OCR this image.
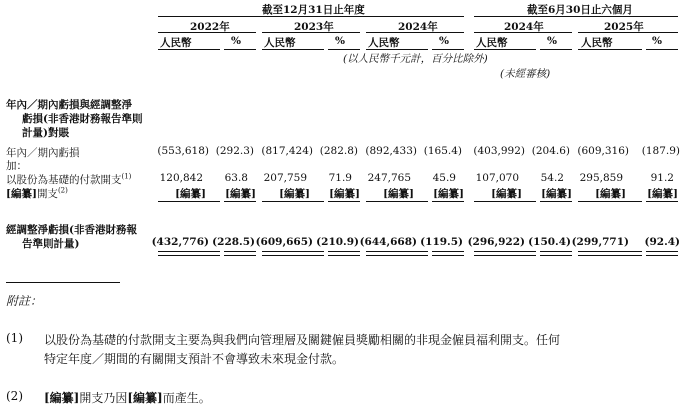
截至12月31日止年度	截至6月30日止六個月
2022年	2023年	2024年	2024年	2025年
人民幣	% 人民幣	% 人民幣	%	人民幣	% 人民幣	%
(以人民幣千元計，百分比除外)
(未經審核)
年內／期內虧損與經調整淨
虧損(非香港財務報告準則
計量)對賬
年內／期內虧損	(553,618) (292.3) (817,424) (282.8) (892,433) (165.4) (403,992) (204.6) (609,316) (187.9)
加：
以股份為基礎的付款開支$^{(1)}$	120,842 63.8 207,759 71.9 247,765 45.9 107,070 54.2 295,859	91.2
[編纂]開支$^{(2)}$	[編纂] [編纂] [編纂] [編纂] [編纂] [編纂]	[編纂] [編纂] [編纂] [編纂]
經調整淨虧損(非香港財務報
告準則計量)	(432,776) (228.5) (609,665) (210.9) (644,668) (119.5) (296,922) (150.4) (299,771) (92.4)
附註：
(1) 以股份為基礎的付款開支主要為與我們向管理層及關鍵僱員獎勵相關的非現金僱員福利開支。任何
特定年度／期間的有關開支預計不會導致未來現金付款。
(2) [編纂]開支乃因[編纂]而產生。
